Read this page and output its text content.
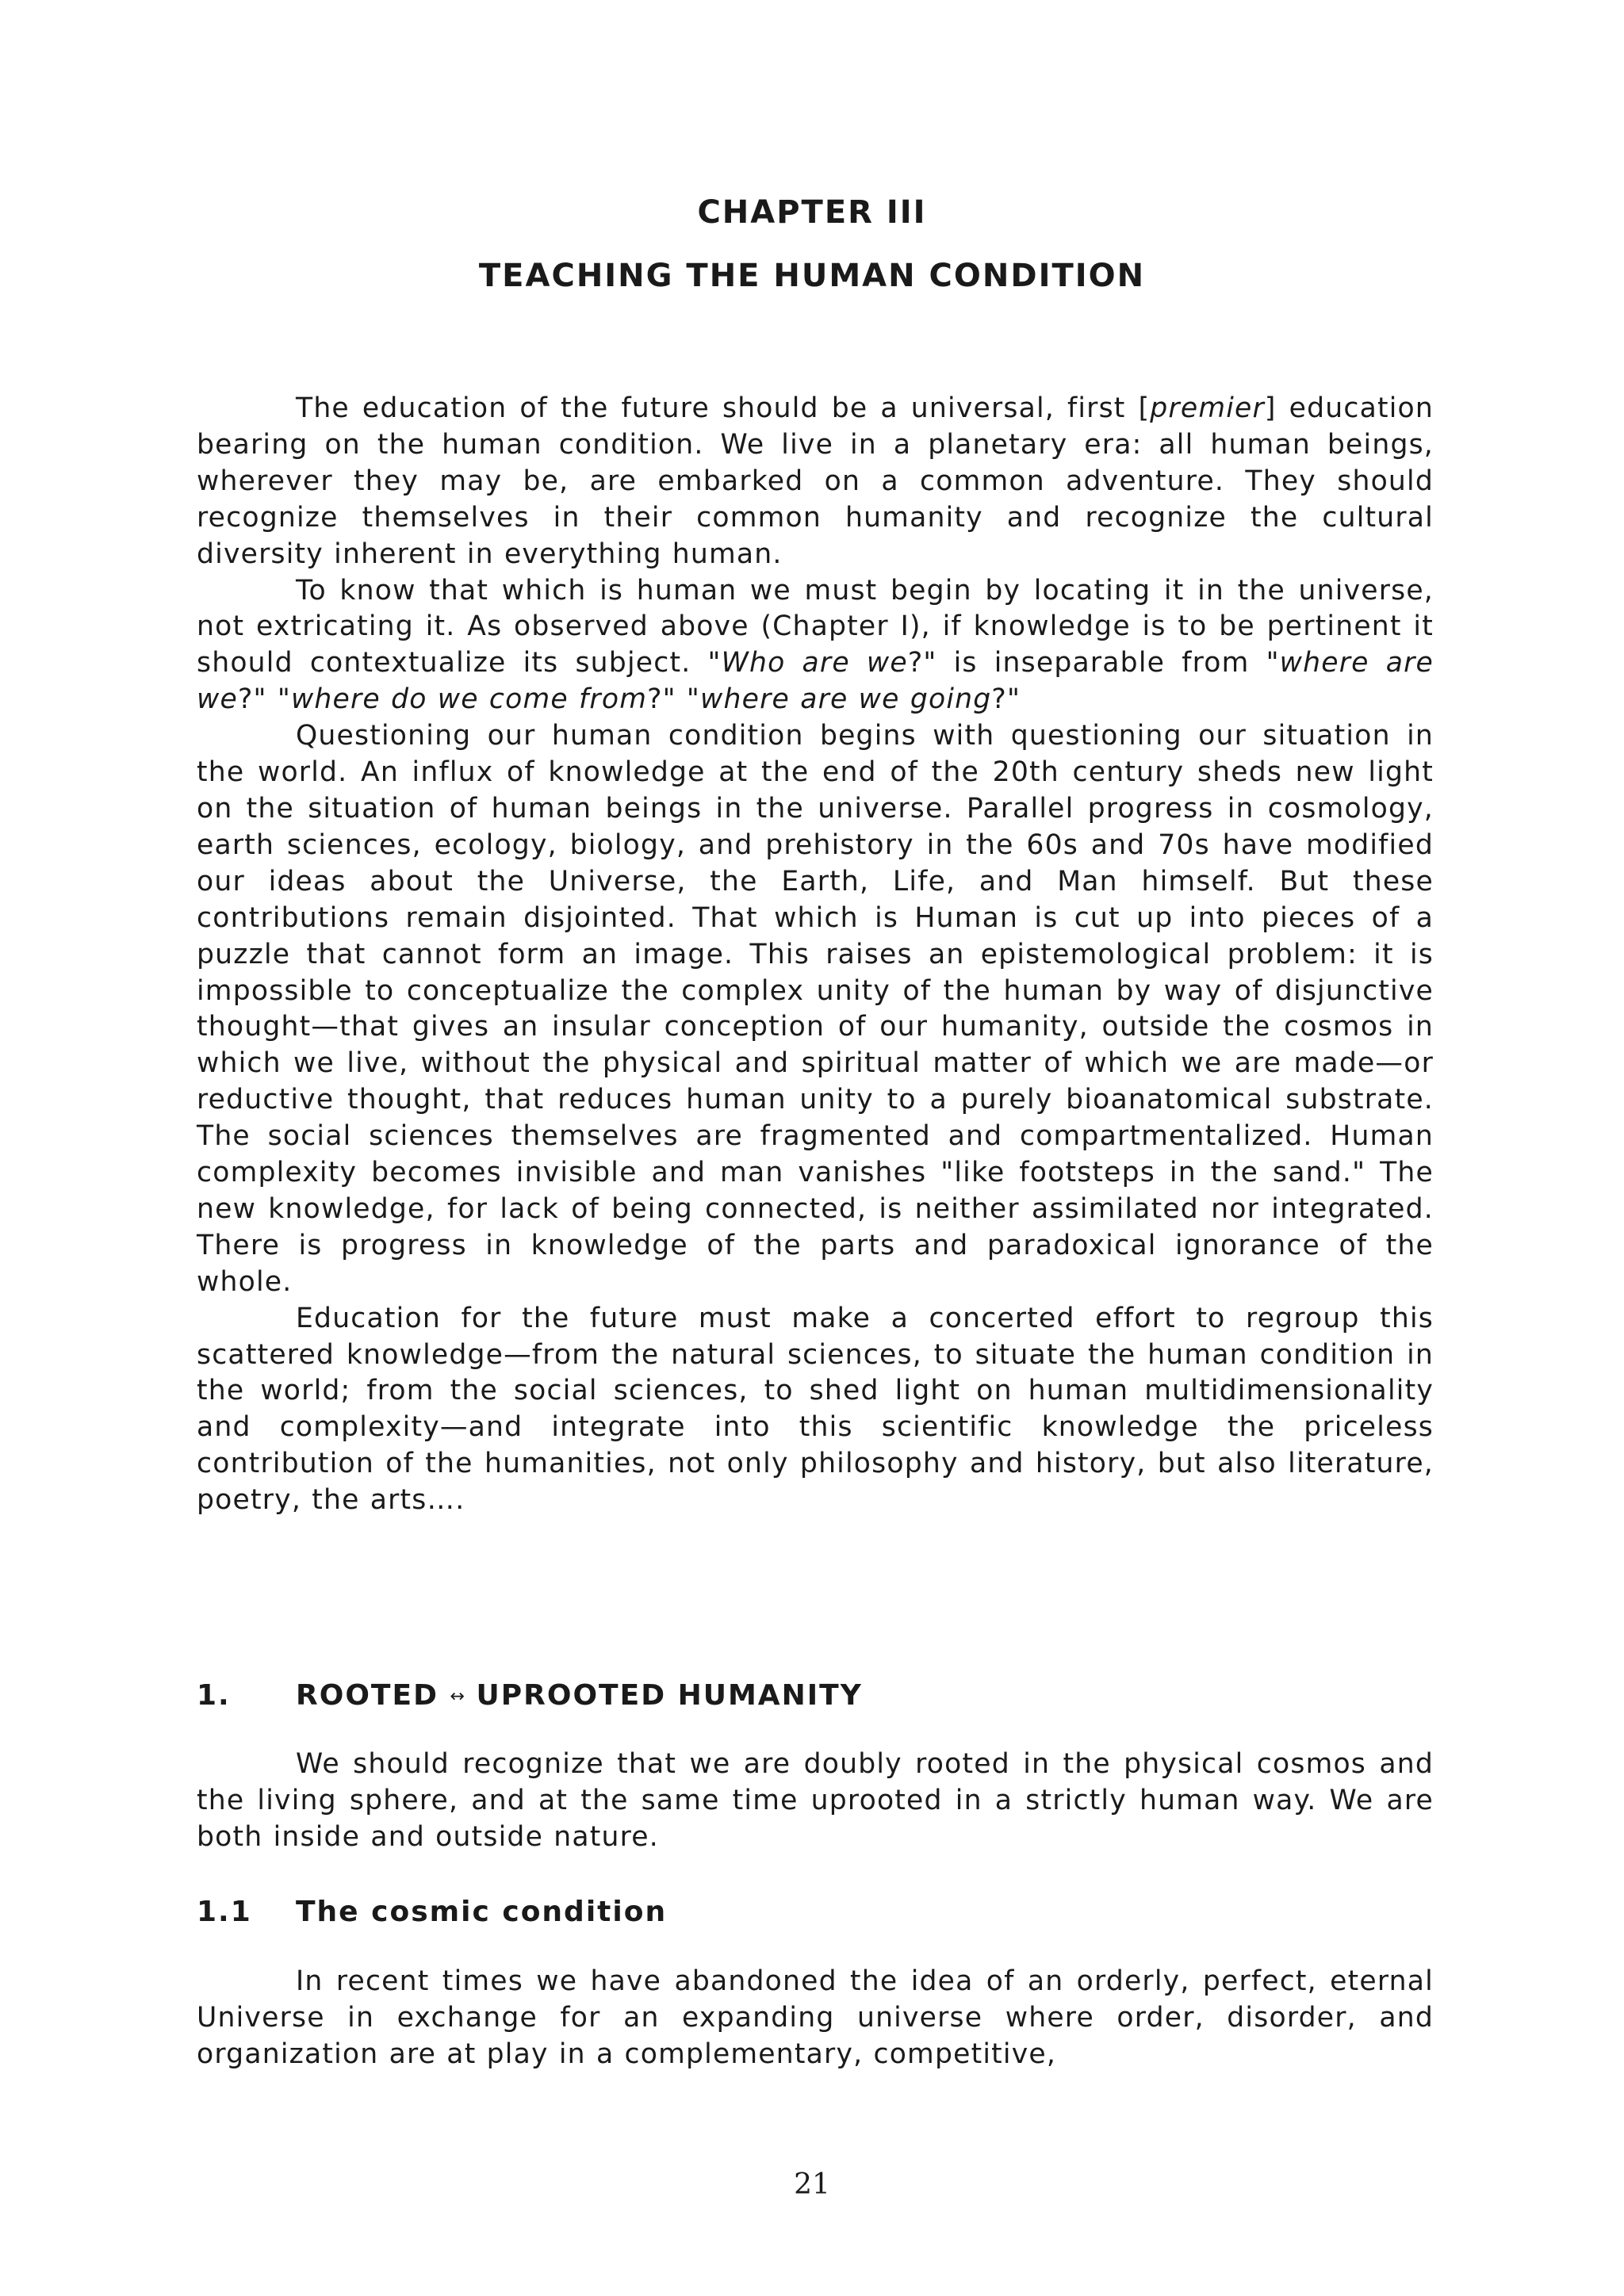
CHAPTER III
TEACHING THE HUMAN CONDITION

The education of the future should be a universal, first [premier] education bearing on the human condition. We live in a planetary era: all human beings, wherever they may be, are embarked on a common adventure. They should recognize themselves in their common humanity and recognize the cultural diversity inherent in everything human.

To know that which is human we must begin by locating it in the universe, not extricating it. As observed above (Chapter I), if knowledge is to be pertinent it should contextualize its subject. "Who are we?" is inseparable from "where are we?" "where do we come from?" "where are we going?"

Questioning our human condition begins with questioning our situation in the world. An influx of knowledge at the end of the 20th century sheds new light on the situation of human beings in the universe. Parallel progress in cosmology, earth sciences, ecology, biology, and prehistory in the 60s and 70s have modified our ideas about the Universe, the Earth, Life, and Man himself. But these contributions remain disjointed. That which is Human is cut up into pieces of a puzzle that cannot form an image. This raises an epistemological problem: it is impossible to conceptualize the complex unity of the human by way of disjunctive thought—that gives an insular conception of our humanity, outside the cosmos in which we live, without the physical and spiritual matter of which we are made—or reductive thought, that reduces human unity to a purely bioanatomical substrate. The social sciences themselves are fragmented and compartmentalized. Human complexity becomes invisible and man vanishes "like footsteps in the sand." The new knowledge, for lack of being connected, is neither assimilated nor integrated. There is progress in knowledge of the parts and paradoxical ignorance of the whole.

Education for the future must make a concerted effort to regroup this scattered knowledge—from the natural sciences, to situate the human condition in the world; from the social sciences, to shed light on human multidimensionality and complexity—and integrate into this scientific knowledge the priceless contribution of the humanities, not only philosophy and history, but also literature, poetry, the arts….

1. ROOTED ↔ UPROOTED HUMANITY

We should recognize that we are doubly rooted in the physical cosmos and the living sphere, and at the same time uprooted in a strictly human way. We are both inside and outside nature.

1.1 The cosmic condition

In recent times we have abandoned the idea of an orderly, perfect, eternal Universe in exchange for an expanding universe where order, disorder, and organization are at play in a complementary, competitive,

21
